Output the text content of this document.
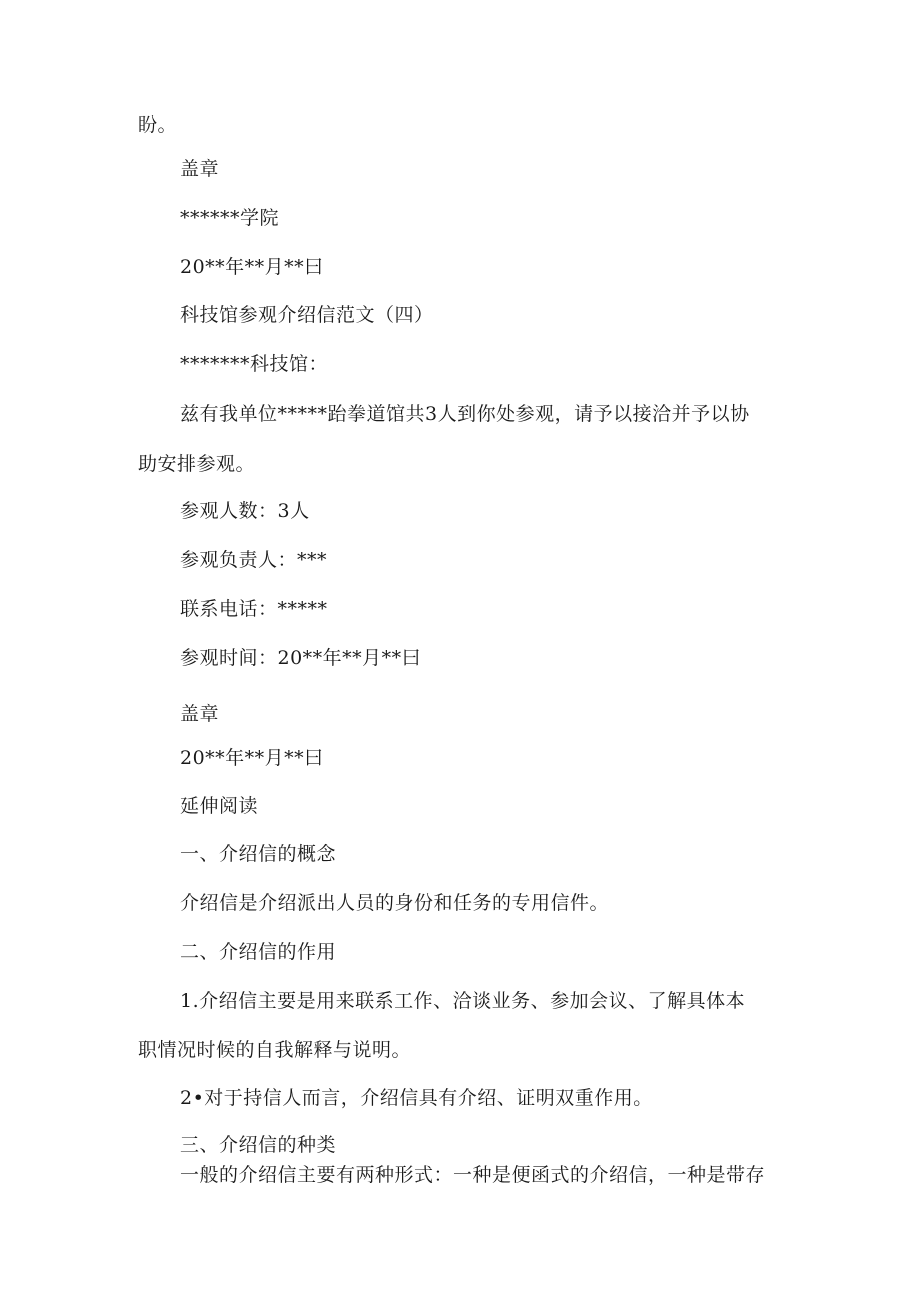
盼。
盖章
******学院
20**年**月**曰
科技馆参观介绍信范文（四）
*******科技馆：
兹有我单位*****跆拳道馆共3人到你处参观，请予以接洽并予以协
助安排参观。
参观人数：3人
参观负责人：***
联系电话：*****
参观时间：20**年**月**曰
盖章
20**年**月**曰
延伸阅读
一、介绍信的概念
介绍信是介绍派出人员的身份和任务的专用信件。
二、介绍信的作用
1.介绍信主要是用来联系工作、洽谈业务、参加会议、了解具体本
职情况时候的自我解释与说明。
2•对于持信人而言，介绍信具有介绍、证明双重作用。
三、介绍信的种类
一般的介绍信主要有两种形式：一种是便函式的介绍信，一种是带存
